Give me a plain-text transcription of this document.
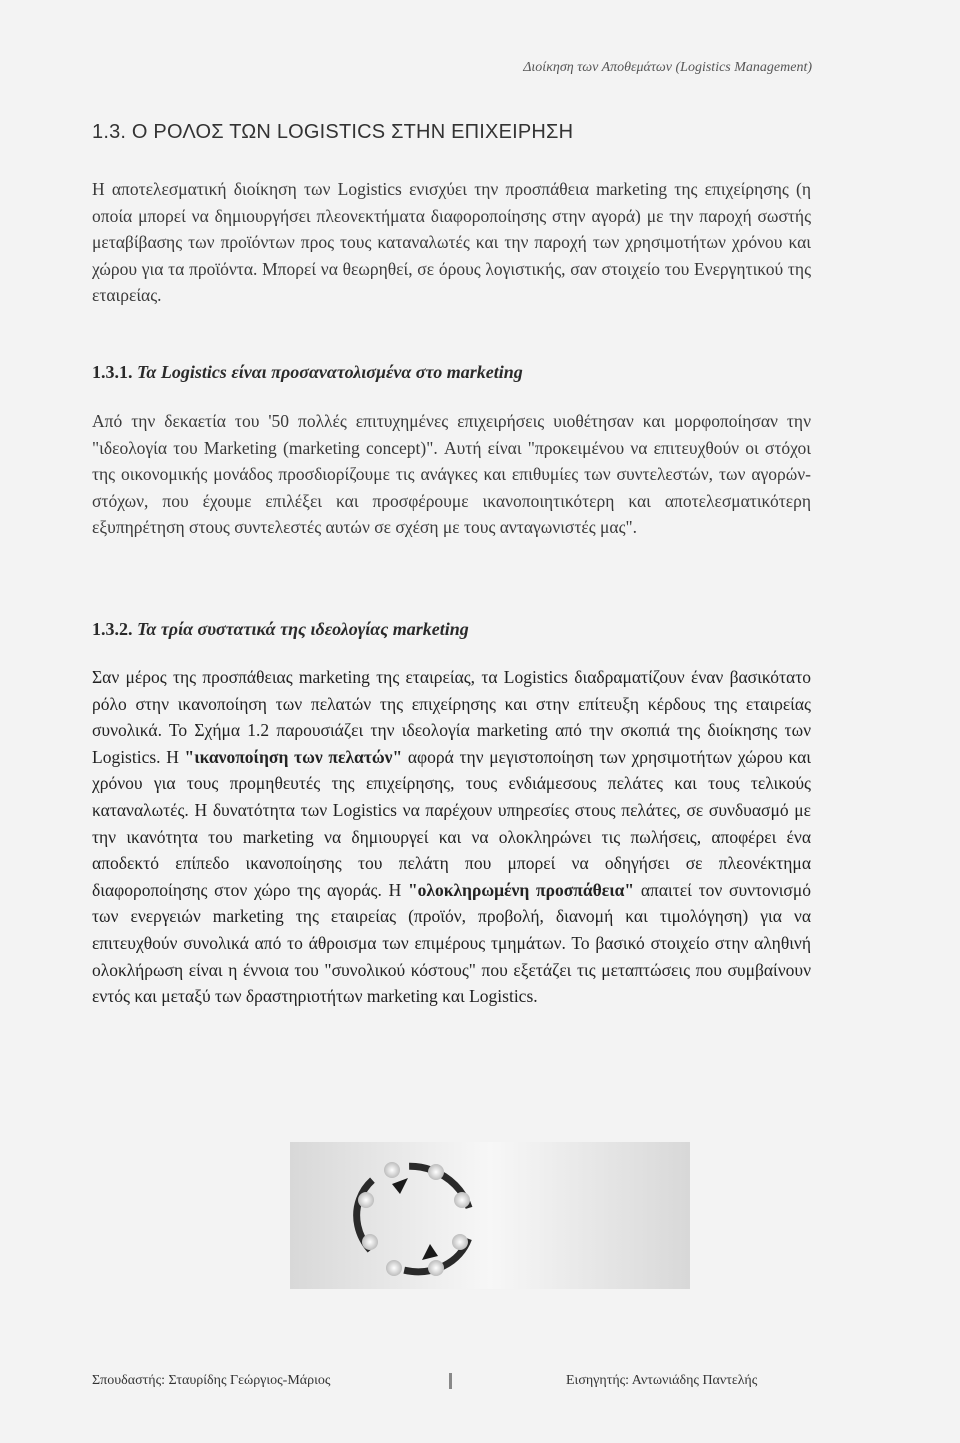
Διοίκηση των Αποθεμάτων (Logistics Management)
1.3. Ο ΡΟΛΟΣ ΤΩΝ LOGISTICS ΣΤΗΝ ΕΠΙΧΕΙΡΗΣΗ
Η αποτελεσματική διοίκηση των Logistics ενισχύει την προσπάθεια marketing της επιχείρησης (η οποία μπορεί να δημιουργήσει πλεονεκτήματα διαφοροποίησης στην αγορά) με την παροχή σωστής μεταβίβασης των προϊόντων προς τους καταναλωτές και την παροχή των χρησιμοτήτων χρόνου και χώρου για τα προϊόντα. Μπορεί να θεωρηθεί, σε όρους λογιστικής, σαν στοιχείο του Ενεργητικού της εταιρείας.
1.3.1. Τα Logistics είναι προσανατολισμένα στο marketing
Από την δεκαετία του '50 πολλές επιτυχημένες επιχειρήσεις υιοθέτησαν και μορφοποίησαν την "ιδεολογία του Marketing (marketing concept)". Αυτή είναι "προκειμένου να επιτευχθούν οι στόχοι της οικονομικής μονάδος προσδιορίζουμε τις ανάγκες και επιθυμίες των συντελεστών, των αγορών-στόχων, που έχουμε επιλέξει και προσφέρουμε ικανοποιητικότερη και αποτελεσματικότερη εξυπηρέτηση στους συντελεστές αυτών σε σχέση με τους ανταγωνιστές μας".
1.3.2. Τα τρία συστατικά της ιδεολογίας marketing
Σαν μέρος της προσπάθειας marketing της εταιρείας, τα Logistics διαδραματίζουν έναν βασικότατο ρόλο στην ικανοποίηση των πελατών της επιχείρησης και στην επίτευξη κέρδους της εταιρείας συνολικά. Το Σχήμα 1.2 παρουσιάζει την ιδεολογία marketing από την σκοπιά της διοίκησης των Logistics. Η "ικανοποίηση των πελατών" αφορά την μεγιστοποίηση των χρησιμοτήτων χώρου και χρόνου για τους προμηθευτές της επιχείρησης, τους ενδιάμεσους πελάτες και τους τελικούς καταναλωτές. Η δυνατότητα των Logistics να παρέχουν υπηρεσίες στους πελάτες, σε συνδυασμό με την ικανότητα του marketing να δημιουργεί και να ολοκληρώνει τις πωλήσεις, αποφέρει ένα αποδεκτό επίπεδο ικανοποίησης του πελάτη που μπορεί να οδηγήσει σε πλεονέκτημα διαφοροποίησης στον χώρο της αγοράς. Η "ολοκληρωμένη προσπάθεια" απαιτεί τον συντονισμό των ενεργειών marketing της εταιρείας (προϊόν, προβολή, διανομή και τιμολόγηση) για να επιτευχθούν συνολικά από το άθροισμα των επιμέρους τμημάτων. Το βασικό στοιχείο στην αληθινή ολοκλήρωση είναι η έννοια του "συνολικού κόστους" που εξετάζει τις μεταπτώσεις που συμβαίνουν εντός και μεταξύ των δραστηριοτήτων marketing και Logistics.
Σπουδαστής: Σταυρίδης Γεώργιος-Μάριος	Εισηγητής: Αντωνιάδης Παντελής
